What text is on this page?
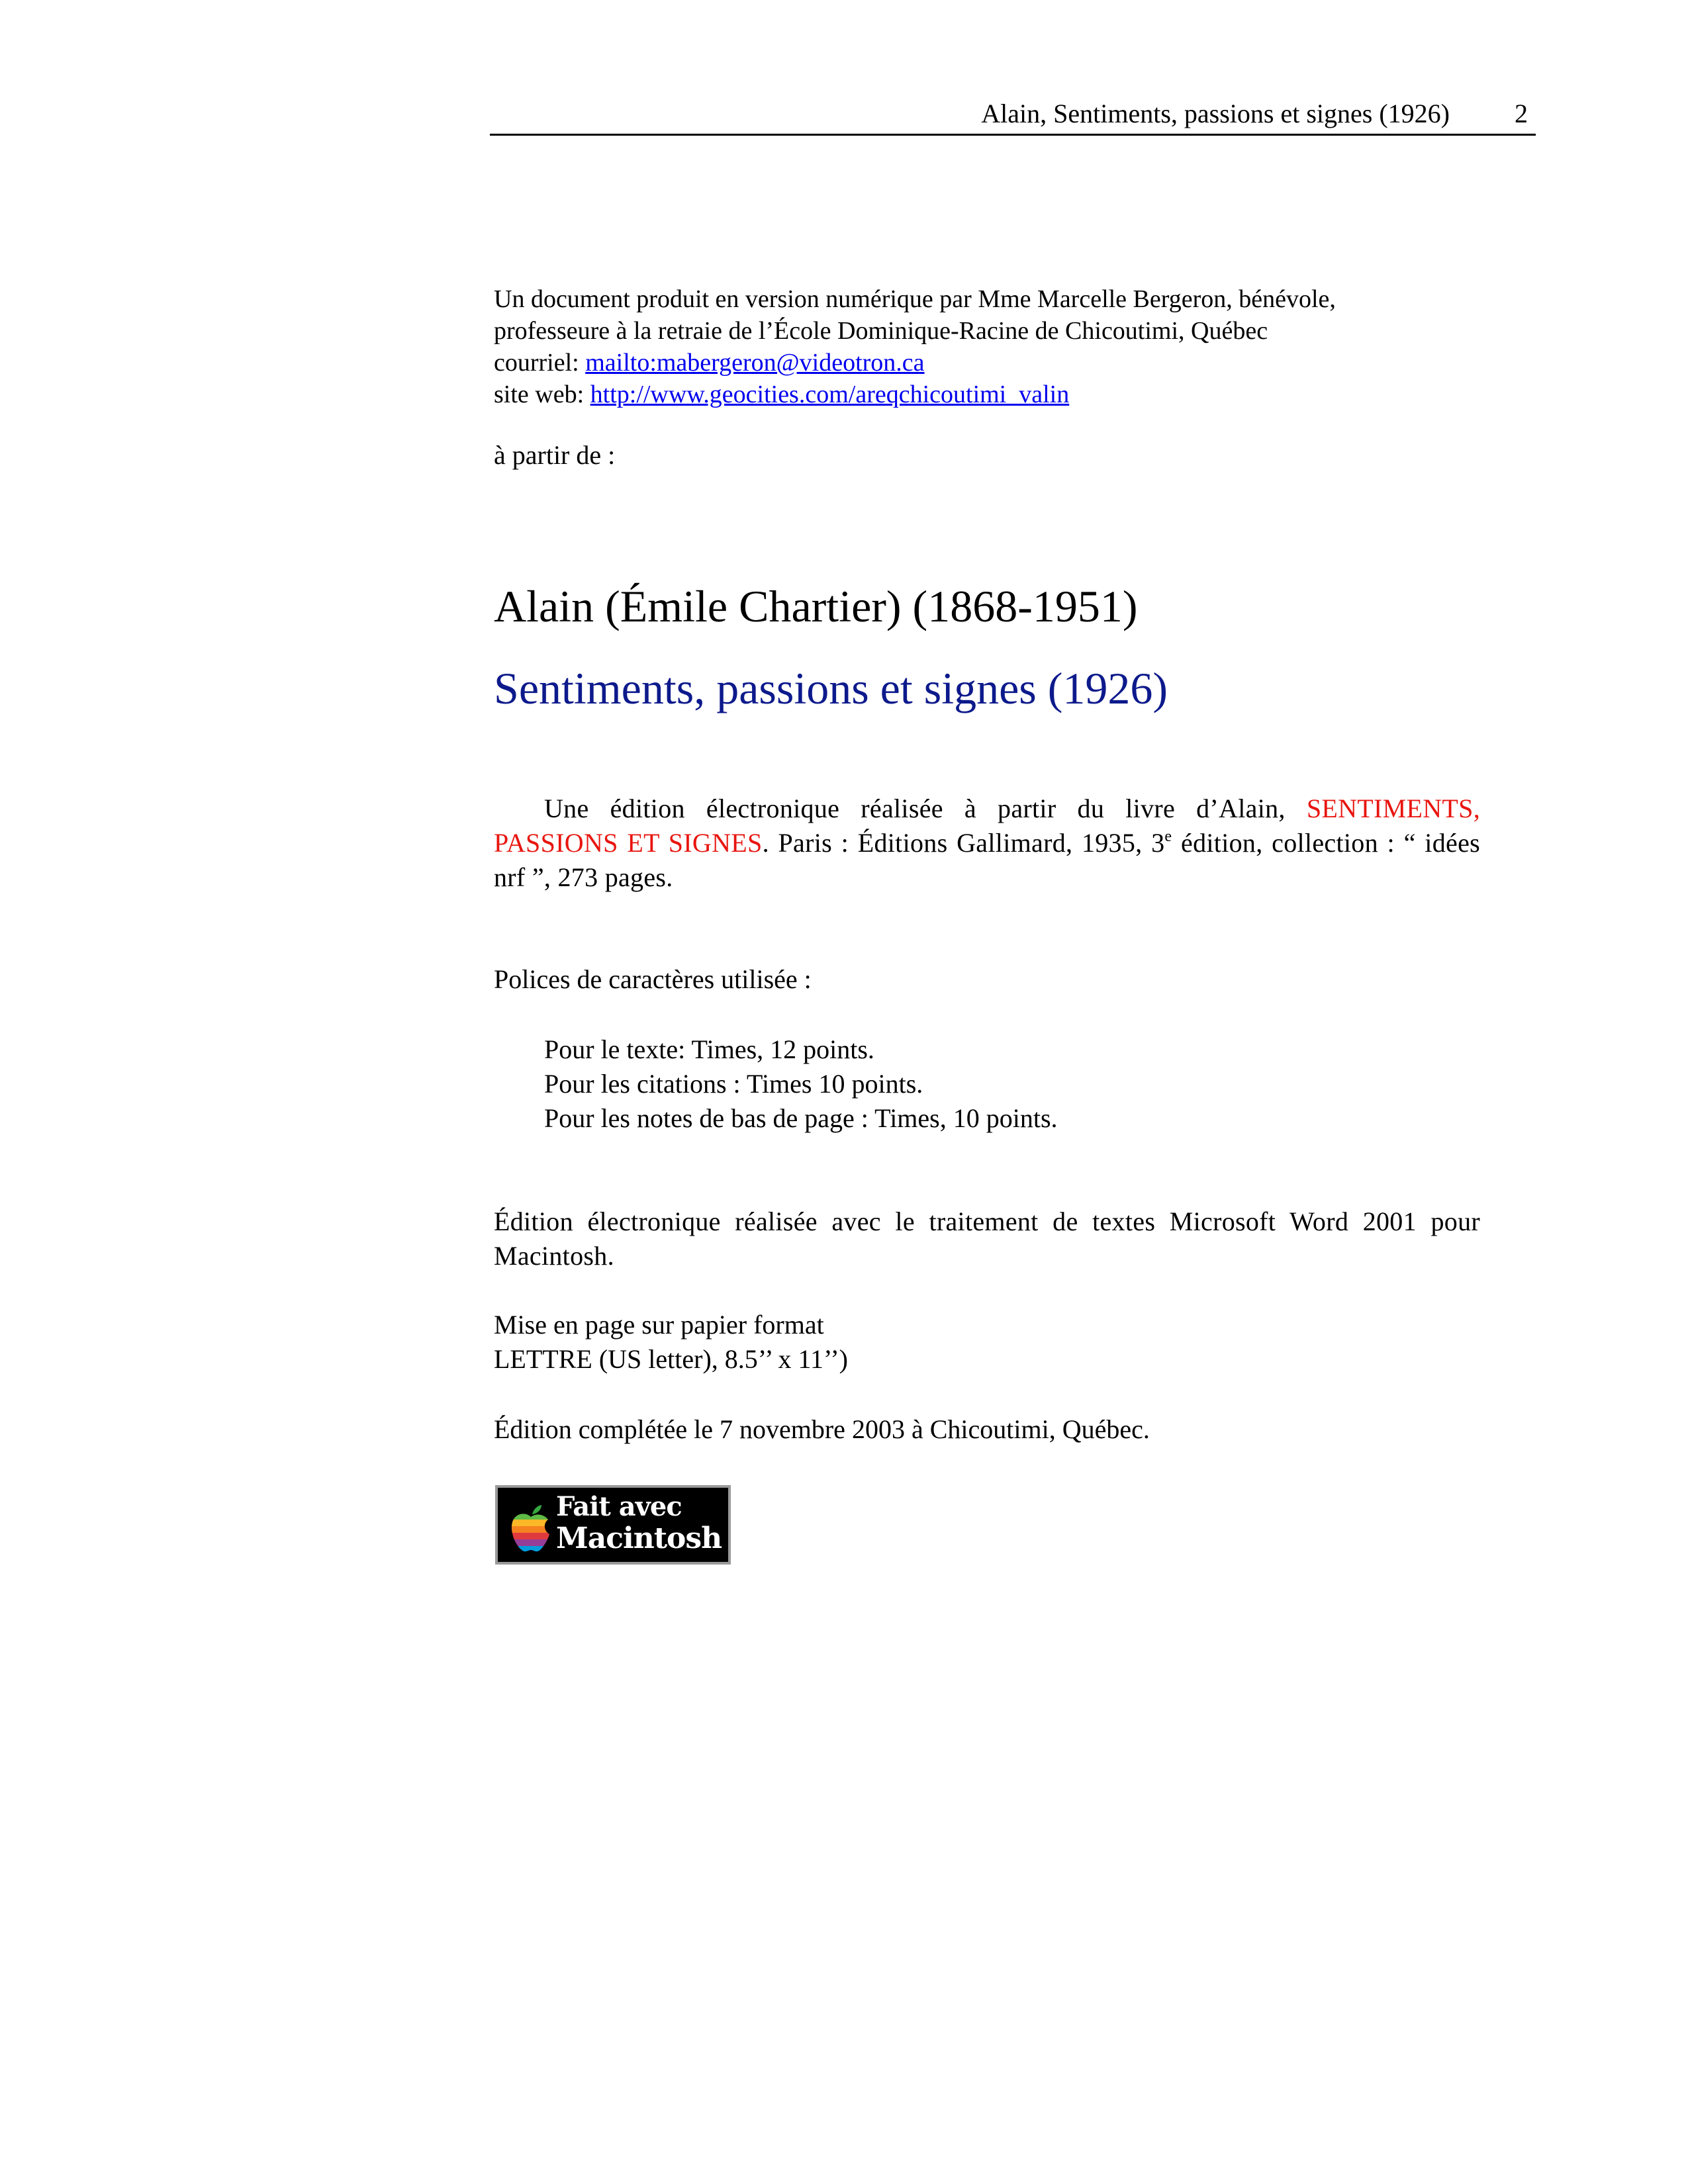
Alain, Sentiments, passions et signes (1926) 2
Un document produit en version numérique par Mme Marcelle Bergeron, bénévole,
professeure à la retraie de l’École Dominique-Racine de Chicoutimi, Québec
courriel: mailto:mabergeron@videotron.ca
site web: http://www.geocities.com/areqchicoutimi_valin
à partir de :
Alain (Émile Chartier) (1868-1951)
Sentiments, passions et signes (1926)
Une édition électronique réalisée à partir du livre d’Alain, SENTIMENTS, PASSIONS ET SIGNES. Paris : Éditions Gallimard, 1935, 3e édition, collection : “ idées nrf ”, 273 pages.
Polices de caractères utilisée :
Pour le texte: Times, 12 points.
Pour les citations : Times 10 points.
Pour les notes de bas de page : Times, 10 points.
Édition électronique réalisée avec le traitement de textes Microsoft Word 2001 pour Macintosh.
Mise en page sur papier format
LETTRE (US letter), 8.5’’ x 11’’)
Édition complétée le 7 novembre 2003 à Chicoutimi, Québec.
Fait avec
Macintosh
